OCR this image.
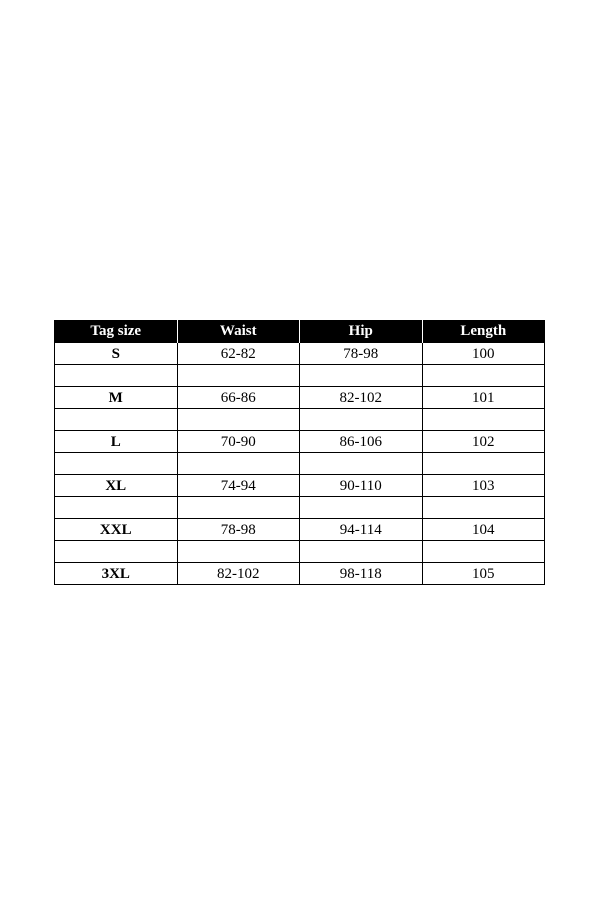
Tag size	Waist	Hip	Length
S	62-82	78-98	100

M	66-86	82-102	101

L	70-90	86-106	102

XL	74-94	90-110	103

XXL	78-98	94-114	104

3XL	82-102	98-118	105
